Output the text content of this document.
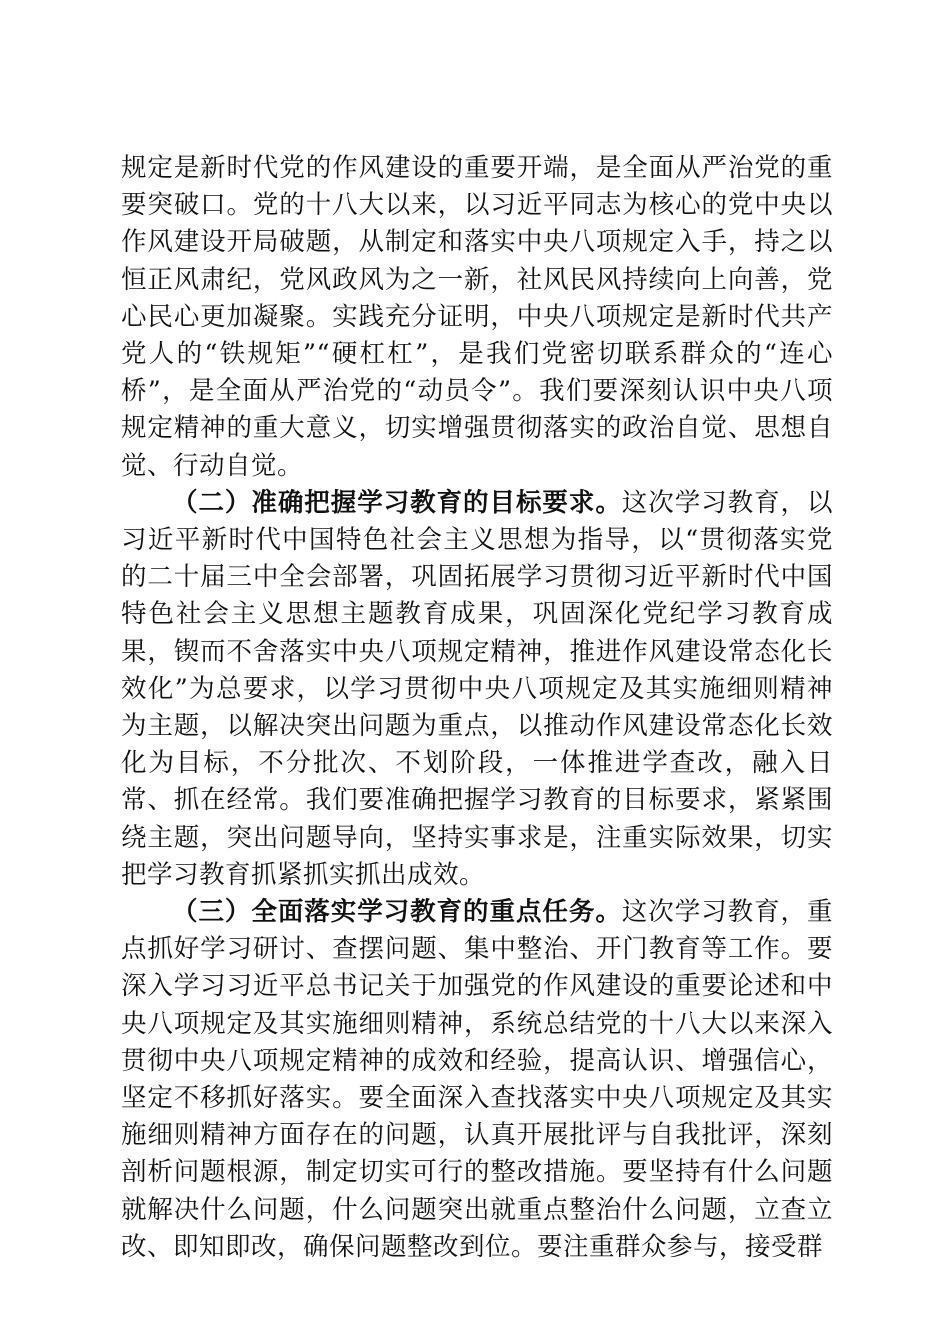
规定是新时代党的作风建设的重要开端，是全面从严治党的重要突破口。党的十八大以来，以习近平同志为核心的党中央以作风建设开局破题，从制定和落实中央八项规定入手，持之以恒正风肃纪，党风政风为之一新，社风民风持续向上向善，党心民心更加凝聚。实践充分证明，中央八项规定是新时代共产党人的“铁规矩”“硬杠杠”，是我们党密切联系群众的“连心桥”，是全面从严治党的“动员令”。我们要深刻认识中央八项规定精神的重大意义，切实增强贯彻落实的政治自觉、思想自觉、行动自觉。

（二）准确把握学习教育的目标要求。这次学习教育，以习近平新时代中国特色社会主义思想为指导，以“贯彻落实党的二十届三中全会部署，巩固拓展学习贯彻习近平新时代中国特色社会主义思想主题教育成果，巩固深化党纪学习教育成果，锲而不舍落实中央八项规定精神，推进作风建设常态化长效化”为总要求，以学习贯彻中央八项规定及其实施细则精神为主题，以解决突出问题为重点，以推动作风建设常态化长效化为目标，不分批次、不划阶段，一体推进学查改，融入日常、抓在经常。我们要准确把握学习教育的目标要求，紧紧围绕主题，突出问题导向，坚持实事求是，注重实际效果，切实把学习教育抓紧抓实抓出成效。

（三）全面落实学习教育的重点任务。这次学习教育，重点抓好学习研讨、查摆问题、集中整治、开门教育等工作。要深入学习习近平总书记关于加强党的作风建设的重要论述和中央八项规定及其实施细则精神，系统总结党的十八大以来深入贯彻中央八项规定精神的成效和经验，提高认识、增强信心，坚定不移抓好落实。要全面深入查找落实中央八项规定及其实施细则精神方面存在的问题，认真开展批评与自我批评，深刻剖析问题根源，制定切实可行的整改措施。要坚持有什么问题就解决什么问题，什么问题突出就重点整治什么问题，立查立改、即知即改，确保问题整改到位。要注重群众参与，接受群
